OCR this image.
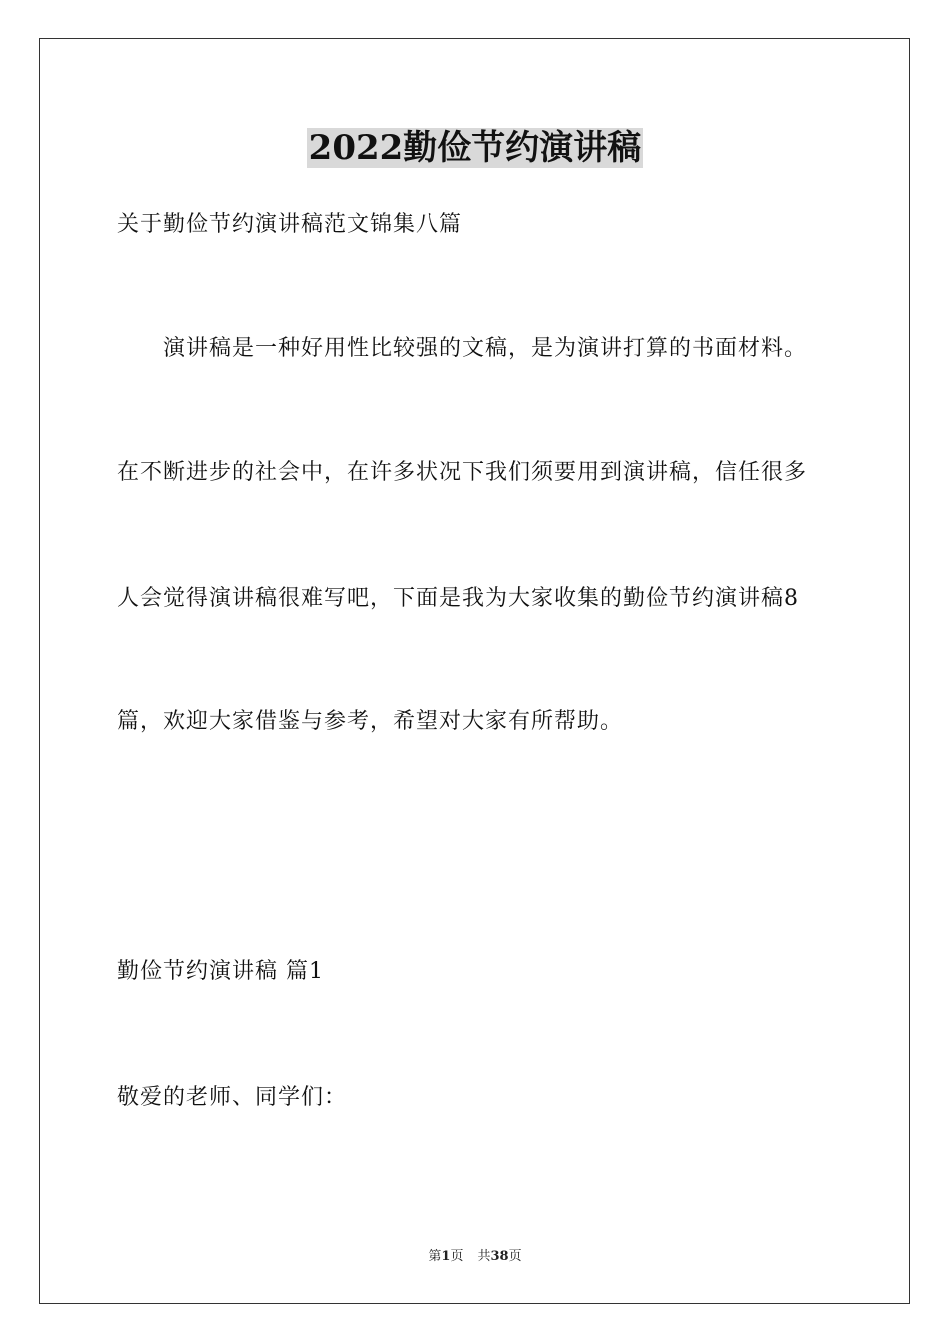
2022勤俭节约演讲稿
关于勤俭节约演讲稿范文锦集八篇
演讲稿是一种好用性比较强的文稿，是为演讲打算的书面材料。
在不断进步的社会中，在许多状况下我们须要用到演讲稿，信任很多
人会觉得演讲稿很难写吧，下面是我为大家收集的勤俭节约演讲稿8
篇，欢迎大家借鉴与参考，希望对大家有所帮助。
勤俭节约演讲稿 篇1
敬爱的老师、同学们：
第1页 共38页
